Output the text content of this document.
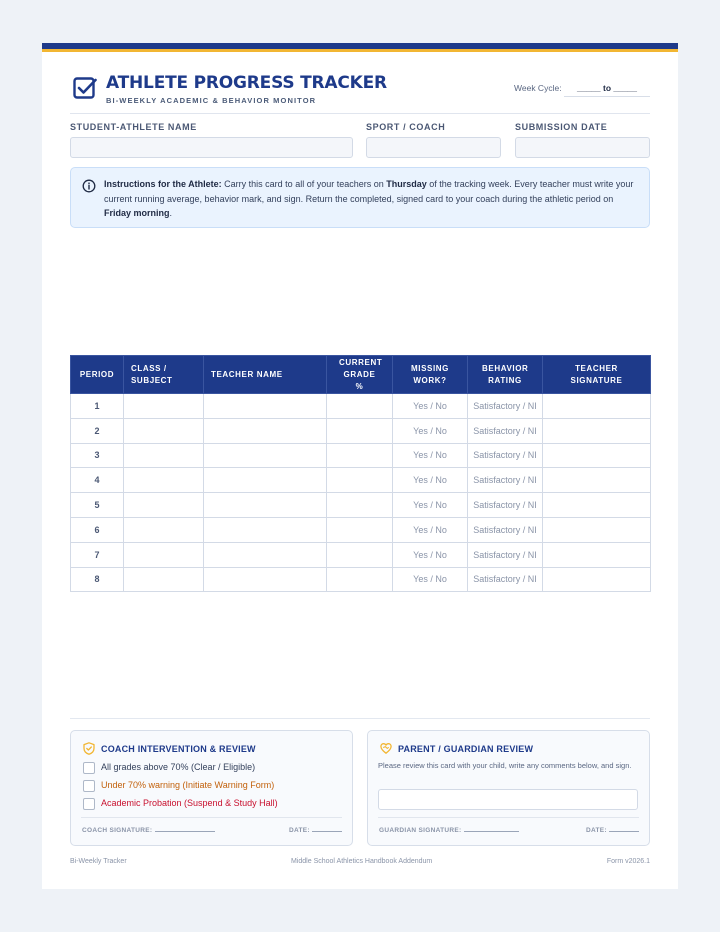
ATHLETE PROGRESS TRACKER
BI-WEEKLY ACADEMIC & BEHAVIOR MONITOR
Week Cycle:	_____ to _____
STUDENT-ATHLETE NAME	SPORT / COACH	SUBMISSION DATE
Instructions for the Athlete: Carry this card to all of your teachers on Thursday of the tracking week. Every teacher must write your current running average, behavior mark, and sign. Return the completed, signed card to your coach during the athletic period on Friday morning.
PERIOD	CLASS / SUBJECT	TEACHER NAME	CURRENT GRADE %	MISSING WORK?	BEHAVIOR RATING	TEACHER SIGNATURE
1				Yes / No	Satisfactory / NI	
2				Yes / No	Satisfactory / NI	
3				Yes / No	Satisfactory / NI	
4				Yes / No	Satisfactory / NI	
5				Yes / No	Satisfactory / NI	
6				Yes / No	Satisfactory / NI	
7				Yes / No	Satisfactory / NI	
8				Yes / No	Satisfactory / NI	
COACH INTERVENTION & REVIEW
All grades above 70% (Clear / Eligible)
Under 70% warning (Initiate Warning Form)
Academic Probation (Suspend & Study Hall)
COACH SIGNATURE:	DATE:
PARENT / GUARDIAN REVIEW
Please review this card with your child, write any comments below, and sign.
GUARDIAN SIGNATURE:	DATE:
Bi-Weekly Tracker	Middle School Athletics Handbook Addendum	Form v2026.1
